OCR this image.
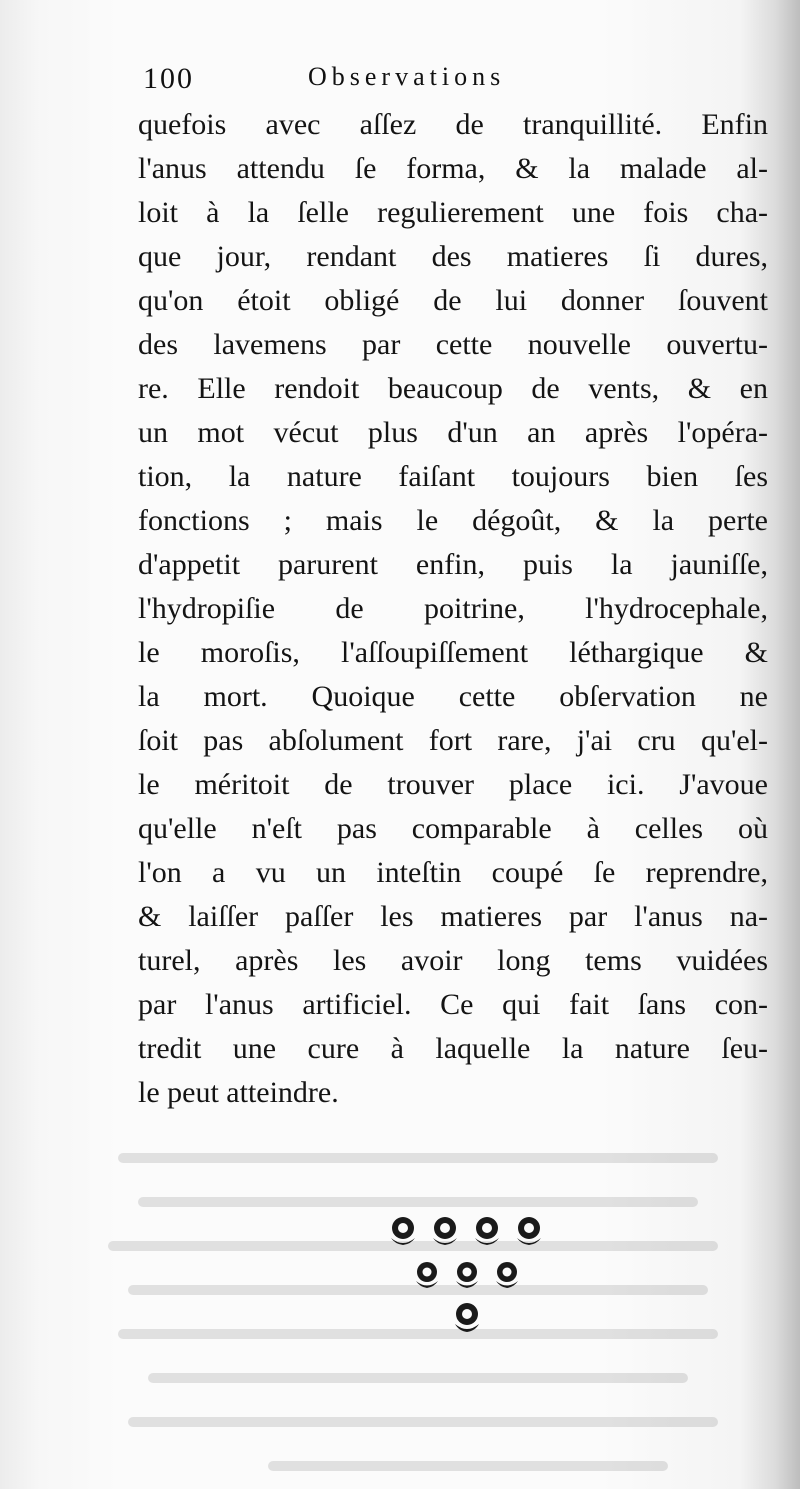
100	Observations
quefois avec aſſez de tranquillité. Enfin
l'anus attendu ſe forma, & la malade al-
loit à la ſelle regulierement une fois cha-
que jour, rendant des matieres ſi dures,
qu'on étoit obligé de lui donner ſouvent
des lavemens par cette nouvelle ouvertu-
re. Elle rendoit beaucoup de vents, & en
un mot vécut plus d'un an après l'opéra-
tion, la nature faiſant toujours bien ſes
fonctions ; mais le dégoût, & la perte
d'appetit parurent enfin, puis la jauniſſe,
l'hydropiſie de poitrine, l'hydrocephale,
le moroſis, l'aſſoupiſſement léthargique &
la mort. Quoique cette obſervation ne
ſoit pas abſolument fort rare, j'ai cru qu'el-
le méritoit de trouver place ici. J'avoue
qu'elle n'eſt pas comparable à celles où
l'on a vu un inteſtin coupé ſe reprendre,
& laiſſer paſſer les matieres par l'anus na-
turel, après les avoir long tems vuidées
par l'anus artificiel. Ce qui fait ſans con-
tredit une cure à laquelle la nature ſeu-
le peut atteindre.
